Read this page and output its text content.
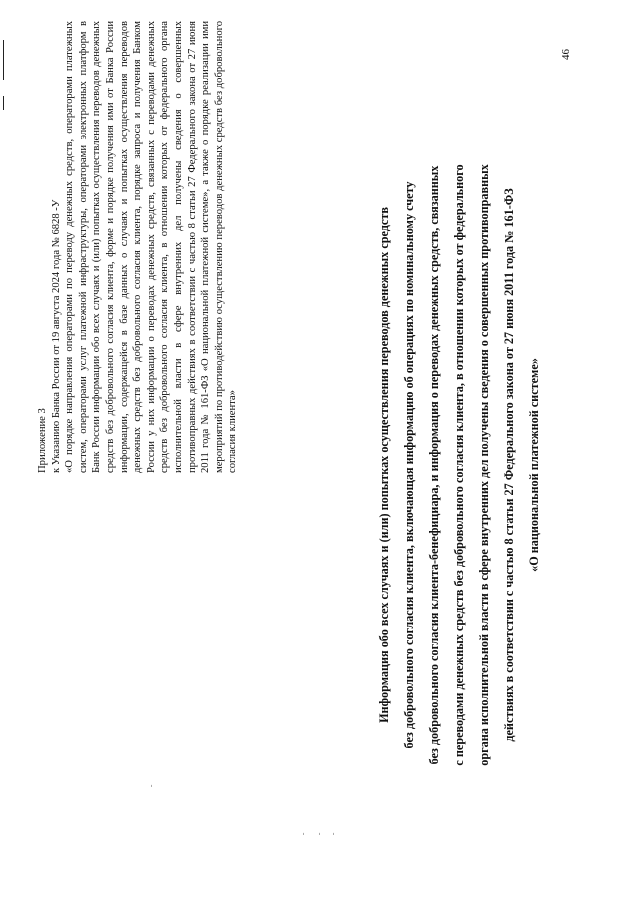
Приложение 3 к Указанию Банка России от 19 августа 2024 года № 6828 -У «О порядке направления операторами по переводу денежных средств, операторами платежных систем, операторами услуг платежной инфраструктуры, операторами электронных платформ в Банк России информации обо всех случаях и (или) попытках осуществления переводов денежных средств без добровольного согласия клиента, форме и порядке получения ими от Банка России информации, содержащейся в базе данных о случаях и попытках осуществления переводов денежных средств без добровольного согласия клиента, порядке запроса и получения Банком России у них информации о переводах денежных средств, связанных с переводами денежных средств без добровольного согласия клиента, в отношении которых от федерального органа исполнительной власти в сфере внутренних дел получены сведения о совершенных противоправных действиях в соответствии с частью 8 статьи 27 Федерального закона от 27 июня 2011 года № 161-ФЗ «О национальной платежной системе», а также о порядке реализации ими мероприятий по противодействию осуществлению переводов денежных средств без добровольного согласия клиента»	Информация обо всех случаях и (или) попытках осуществления переводов денежных средств без добровольного согласия клиента, включающая информацию об операциях по номинальному счету без добровольного согласия клиента-бенефициара, и информация о переводах денежных средств, связанных с переводами денежных средств без добровольного согласия клиента, в отношении которых от федерального органа исполнительной власти в сфере внутренних дел получены сведения о совершенных противоправных действиях в соответствии с частью 8 статьи 27 Федерального закона от 27 июня 2011 года № 161-ФЗ «О национальной платежной системе»

46
ˇ
ˇ ˇ ˇ
